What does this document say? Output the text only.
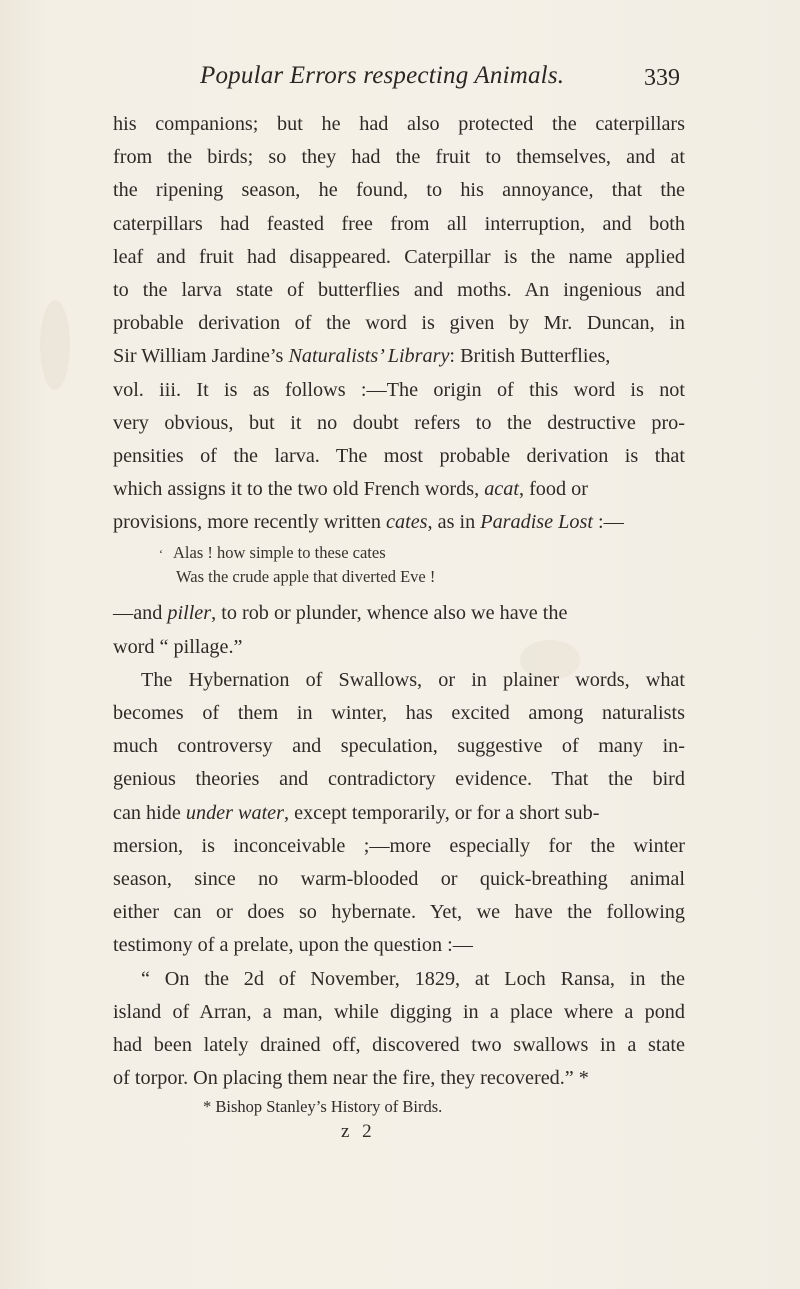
Popular Errors respecting Animals.	339
his companions; but he had also protected the caterpillars
from the birds; so they had the fruit to themselves, and at
the ripening season, he found, to his annoyance, that the
caterpillars had feasted free from all interruption, and both
leaf and fruit had disappeared. Caterpillar is the name applied
to the larva state of butterflies and moths. An ingenious and
probable derivation of the word is given by Mr. Duncan, in
Sir William Jardine’s Naturalists’ Library: British Butterflies,
vol. iii. It is as follows :—The origin of this word is not
very obvious, but it no doubt refers to the destructive pro-
pensities of the larva. The most probable derivation is that
which assigns it to the two old French words, acat, food or
provisions, more recently written cates, as in Paradise Lost :—
‘ Alas ! how simple to these cates
Was the crude apple that diverted Eve !
—and piller, to rob or plunder, whence also we have the
word “ pillage.”
The Hybernation of Swallows, or in plainer words, what
becomes of them in winter, has excited among naturalists
much controversy and speculation, suggestive of many in-
genious theories and contradictory evidence. That the bird
can hide under water, except temporarily, or for a short sub-
mersion, is inconceivable ;—more especially for the winter
season, since no warm-blooded or quick-breathing animal
either can or does so hybernate. Yet, we have the following
testimony of a prelate, upon the question :—
“ On the 2d of November, 1829, at Loch Ransa, in the
island of Arran, a man, while digging in a place where a pond
had been lately drained off, discovered two swallows in a state
of torpor. On placing them near the fire, they recovered.” *
* Bishop Stanley’s History of Birds.
z 2
